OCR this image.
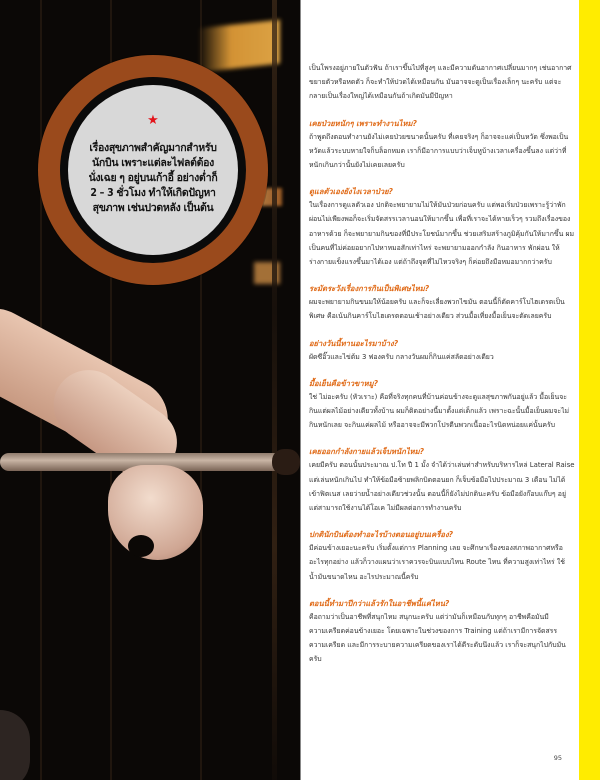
★
เรื่องสุขภาพสำคัญมากสำหรับนักบิน เพราะแต่ละไฟลต์ต้องนั่งเฉย ๆ อยู่บนเก้าอี้ อย่างต่ำก็ 2 – 3 ชั่วโมง ทำให้เกิดปัญหาสุขภาพ เช่นปวดหลัง เป็นต้น

เป็นโพรงอยู่ภายในตัวฟัน ถ้าเราขึ้นไปที่สูงๆ และมีความดันอากาศเปลี่ยนมากๆ เช่นอากาศขยายตัวหรือหดตัว ก็จะทำให้ปวดได้เหมือนกัน มันอาจจะดูเป็นเรื่องเล็กๆ นะครับ แต่จะกลายเป็นเรื่องใหญ่ได้เหมือนกันถ้าเกิดมันมีปัญหา

เคยป่วยหนักๆ เพราะทำงานไหม?

ถ้าพูดถึงตอนทำงานยังไม่เคยป่วยขนาดนั้นครับ ที่เคยจริงๆ ก็อาจจะแค่เป็นหวัด ซึ่งพอเป็นหวัดแล้วระบบหายใจก็บล็อกหมด เราก็มีอาการแบบว่าเจ็บหูบ้างเวลาเครื่องขึ้นลง แต่ว่าที่หนักเกินกว่านั้นยังไม่เคยเลยครับ

ดูแลตัวเองยังไงเวลาป่วย?

ในเรื่องการดูแลตัวเอง ปกติจะพยายามไม่ให้มันป่วยก่อนครับ แต่พอเริ่มป่วยเพราะรู้ว่าพักผ่อนไม่เพียงพอก็จะเริ่มจัดสรรเวลานอนให้มากขึ้น เพื่อที่เราจะได้หายเร็วๆ รวมถึงเรื่องของอาหารด้วย ก็จะพยายามกินของที่มีประโยชน์มากขึ้น ช่วยเสริมสร้างภูมิคุ้มกันให้มากขึ้น ผมเป็นคนที่ไม่ค่อยอยากไปหาหมอสักเท่าไหร่ จะพยายามออกกำลัง กินอาหาร พักผ่อน ให้ร่างกายแข็งแรงขึ้นมาได้เอง แต่ถ้าถึงจุดที่ไม่ไหวจริงๆ ก็ค่อยถึงมือหมอมากกว่าครับ

ระมัดระวังเรื่องการกินเป็นพิเศษไหม?

ผมจะพยายามกินขนมให้น้อยครับ และก็จะเลี่ยงพวกไขมัน ตอนนี้ก็ตัดคาร์โบไฮเดรตเป็นพิเศษ คือเน้นกินคาร์โบไฮเดรตตอนเช้าอย่างเดียว ส่วนมื้อเที่ยงมื้อเย็นจะตัดเลยครับ

อย่างวันนี้ทานอะไรมาบ้าง?

ผัดซีอิ๊วและไข่ต้ม 3 ฟองครับ กลางวันผมก็กินแค่สลัดอย่างเดียว

มื้อเย็นคือข้าวขาหมู?

ใช่ ไม่อะครับ (หัวเราะ) คือที่จริงทุกคนที่บ้านค่อนข้างจะดูแลสุขภาพกันอยู่แล้ว มื้อเย็นจะกินแต่ผลไม้อย่างเดียวทั้งบ้าน ผมก็ติดอย่างนี้มาตั้งแต่เด็กแล้ว เพราะฉะนั้นมื้อเย็นผมจะไม่กินหนักเลย จะกินแค่ผลไม้ หรืออาจจะมีพวกโปรตีนพวกเนื้ออะไรนิดหน่อยแค่นั้นครับ

เคยออกกำลังกายแล้วเจ็บหนักไหม?

เคยมีครับ ตอนนั้นประมาณ ป.โท ปี 1 มั้ง จำได้ว่าเล่นท่าสำหรับบริหารไหล่ Lateral Raise แต่เล่นหนักเกินไป ทำให้ข้อมือซ้ายพลิกบิดตอนยก ก็เจ็บข้อมือไปประมาณ 3 เดือน ไม่ได้เข้าฟิตเนส เลยว่ายน้ำอย่างเดียวช่วงนั้น ตอนนี้ก็ยังไม่ปกตินะครับ ข้อมือยังก๊อบแก๊บๆ อยู่ แต่สามารถใช้งานได้โอเค ไม่มีผลต่อการทำงานครับ

ปกตินักบินต้องทำอะไรบ้างตอนอยู่บนเครื่อง?

มีค่อนข้างเยอะนะครับ เริ่มตั้งแต่การ Planning เลย จะศึกษาเรื่องของสภาพอากาศหรืออะไรทุกอย่าง แล้วก็วางแผนว่าเราควรจะบินแบบไหน Route ไหน ที่ความสูงเท่าไหร่ ใช้น้ำมันขนาดไหน อะไรประมาณนี้ครับ

ตอนนี้ทำมาปีกว่าแล้วรักในอาชีพนี้แค่ไหน?

คือถามว่าเป็นอาชีพที่สนุกไหม สนุกนะครับ แต่ว่ามันก็เหมือนกับทุกๆ อาชีพคือมันมีความเครียดค่อนข้างเยอะ โดยเฉพาะในช่วงของการ Training แต่ถ้าเรามีการจัดสรรความเครียด และมีการระบายความเครียดของเราได้ดีระดับนึงแล้ว เราก็จะสนุกไปกับมันครับ

95
